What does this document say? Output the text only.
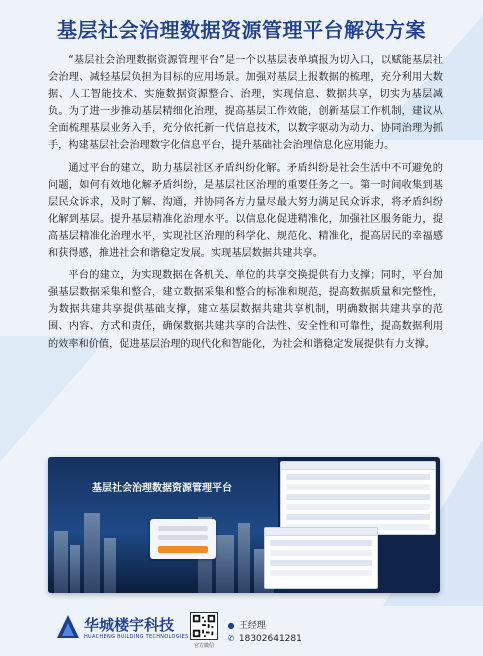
基层社会治理数据资源管理平台解决方案

“基层社会治理数据资源管理平台”是一个以基层表单填报为切入口，以赋能基层社会治理、减轻基层负担为目标的应用场景。加强对基层上报数据的梳理，充分利用大数据、人工智能技术、实施数据资源整合、治理，实现信息、数据共享，切实为基层减负。为了进一步推动基层精细化治理，提高基层工作效能，创新基层工作机制，建议从全面梳理基层业务入手，充分依托新一代信息技术，以数字驱动为动力、协同治理为抓手，构建基层社会治理数字化信息平台，提升基础社会治理信息化应用能力。

通过平台的建立，助力基层社区矛盾纠纷化解。矛盾纠纷是社会生活中不可避免的问题，如何有效地化解矛盾纠纷，是基层社区治理的重要任务之一。第一时间收集到基层民众诉求，及时了解、沟通，并协同各方力量尽最大努力满足民众诉求，将矛盾纠纷化解到基层。提升基层精准化治理水平。以信息化促进精准化，加强社区服务能力，提高基层精准化治理水平，实现社区治理的科学化、规范化、精准化，提高居民的幸福感和获得感，推进社会和谐稳定发展。实现基层数据共建共享。

平台的建立，为实现数据在各机关、单位的共享交换提供有力支撑；同时，平台加强基层数据采集和整合，建立数据采集和整合的标准和规范，提高数据质量和完整性，为数据共建共享提供基础支撑，建立基层数据共建共享机制，明确数据共建共享的范围、内容、方式和责任，确保数据共建共享的合法性、安全性和可靠性，提高数据利用的效率和价值，促进基层治理的现代化和智能化，为社会和谐稳定发展提供有力支撑。

基层社会治理数据资源管理平台
华城楼宇科技
HUACHENG BUILDING TECHNOLOGIES
官方微信
● 王经理
✆ 18302641281
